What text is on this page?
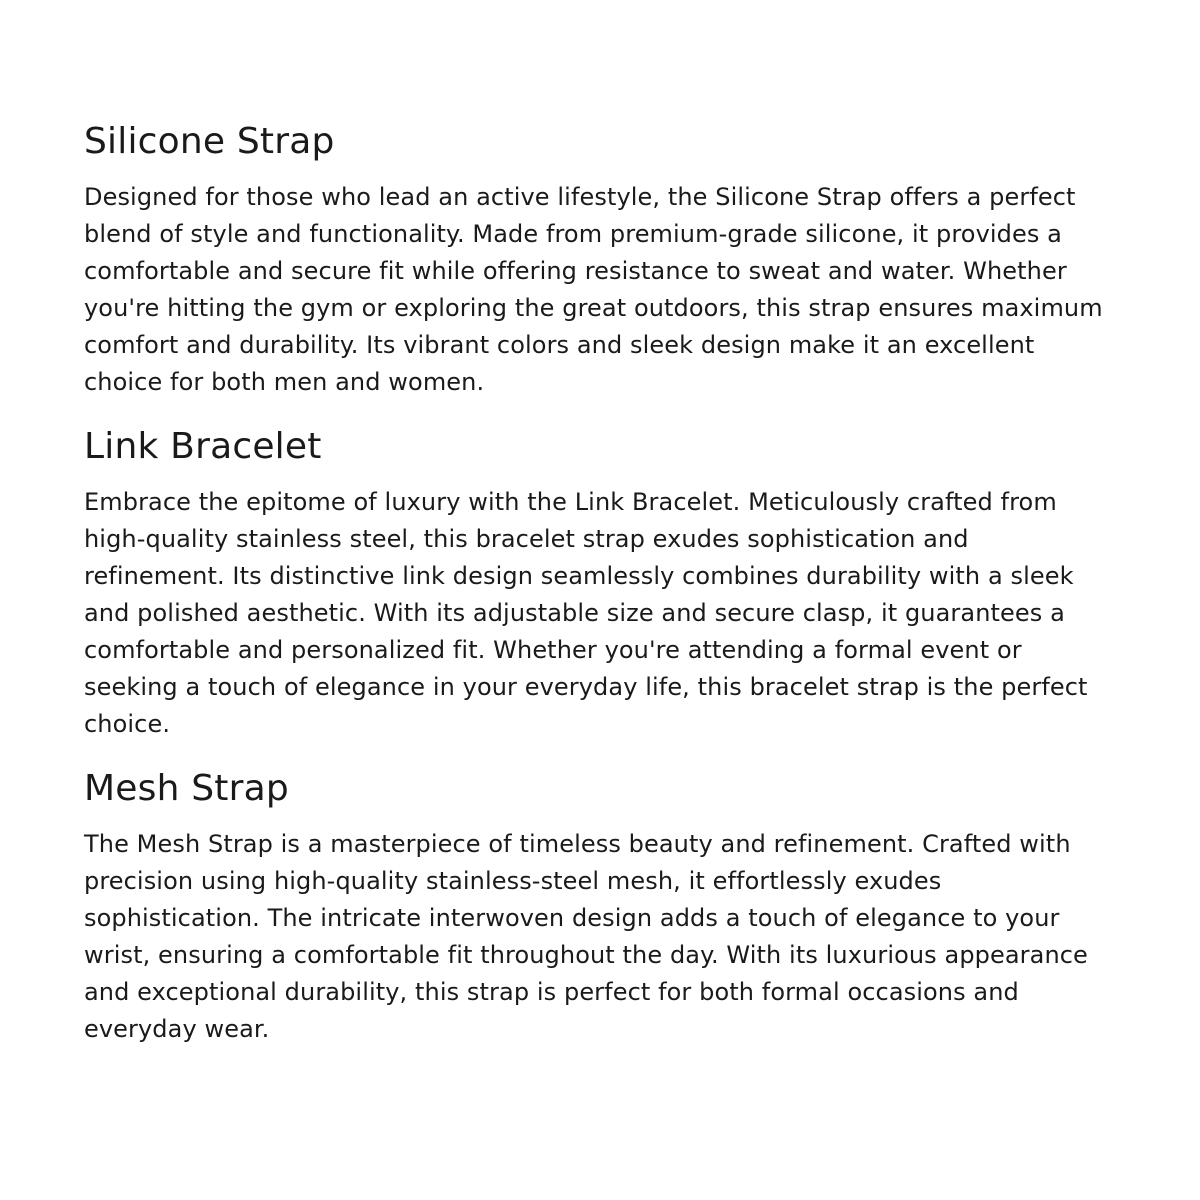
Silicone Strap

Designed for those who lead an active lifestyle, the Silicone Strap offers a perfect blend of style and functionality. Made from premium-grade silicone, it provides a comfortable and secure fit while offering resistance to sweat and water. Whether you're hitting the gym or exploring the great outdoors, this strap ensures maximum comfort and durability. Its vibrant colors and sleek design make it an excellent choice for both men and women.

Link Bracelet

Embrace the epitome of luxury with the Link Bracelet. Meticulously crafted from high-quality stainless steel, this bracelet strap exudes sophistication and refinement. Its distinctive link design seamlessly combines durability with a sleek and polished aesthetic. With its adjustable size and secure clasp, it guarantees a comfortable and personalized fit. Whether you're attending a formal event or seeking a touch of elegance in your everyday life, this bracelet strap is the perfect choice.

Mesh Strap

The Mesh Strap is a masterpiece of timeless beauty and refinement. Crafted with precision using high-quality stainless-steel mesh, it effortlessly exudes sophistication. The intricate interwoven design adds a touch of elegance to your wrist, ensuring a comfortable fit throughout the day. With its luxurious appearance and exceptional durability, this strap is perfect for both formal occasions and everyday wear.
